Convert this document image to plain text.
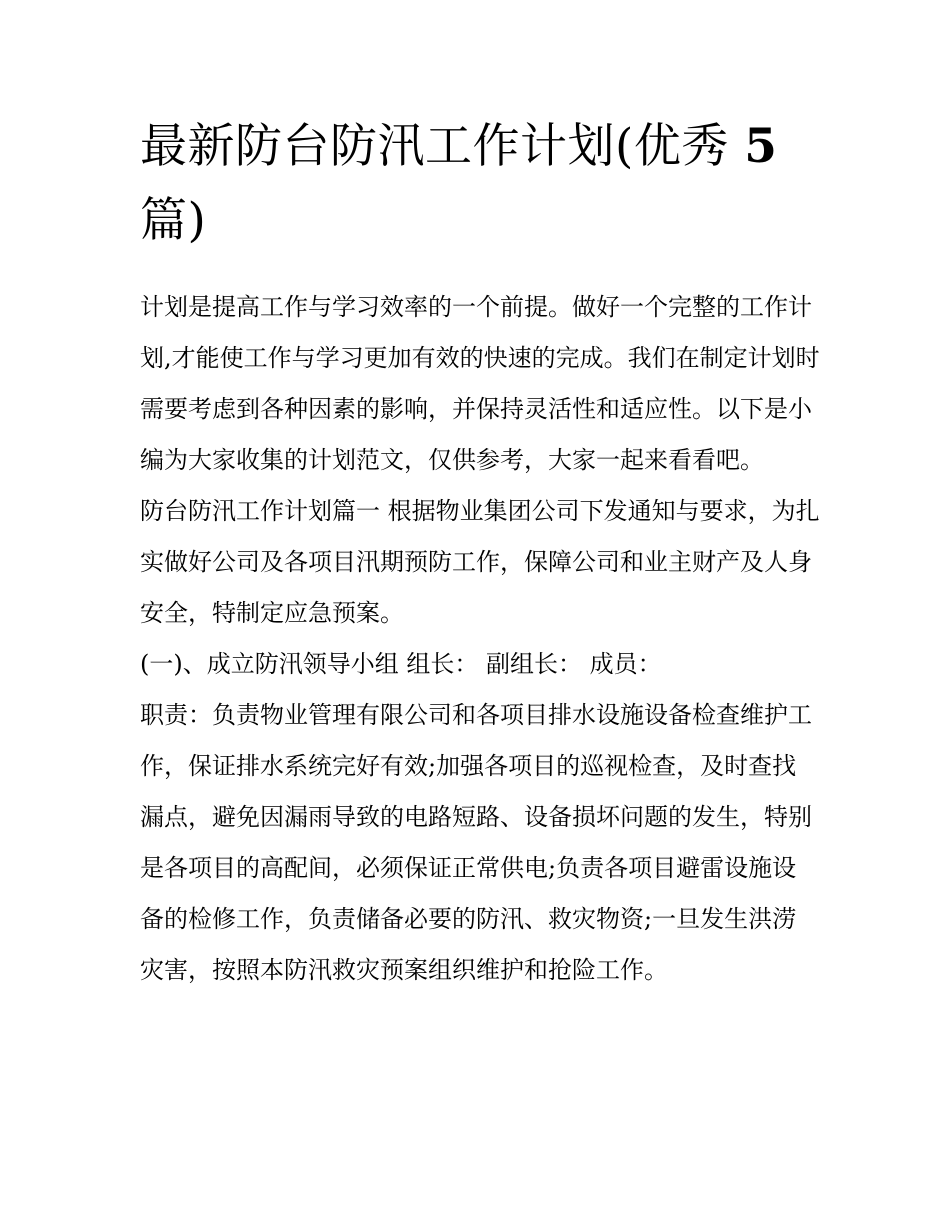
最新防台防汛工作计划(优秀 5
篇)

计划是提高工作与学习效率的一个前提。做好一个完整的工作计划,才能使工作与学习更加有效的快速的完成。我们在制定计划时需要考虑到各种因素的影响，并保持灵活性和适应性。以下是小编为大家收集的计划范文，仅供参考，大家一起来看看吧。

防台防汛工作计划篇一 根据物业集团公司下发通知与要求，为扎实做好公司及各项目汛期预防工作，保障公司和业主财产及人身安全，特制定应急预案。

(一)、成立防汛领导小组 组长： 副组长： 成员：

职责：负责物业管理有限公司和各项目排水设施设备检查维护工作，保证排水系统完好有效;加强各项目的巡视检查，及时查找漏点，避免因漏雨导致的电路短路、设备损坏问题的发生，特别是各项目的高配间，必须保证正常供电;负责各项目避雷设施设备的检修工作，负责储备必要的防汛、救灾物资;一旦发生洪涝灾害，按照本防汛救灾预案组织维护和抢险工作。
